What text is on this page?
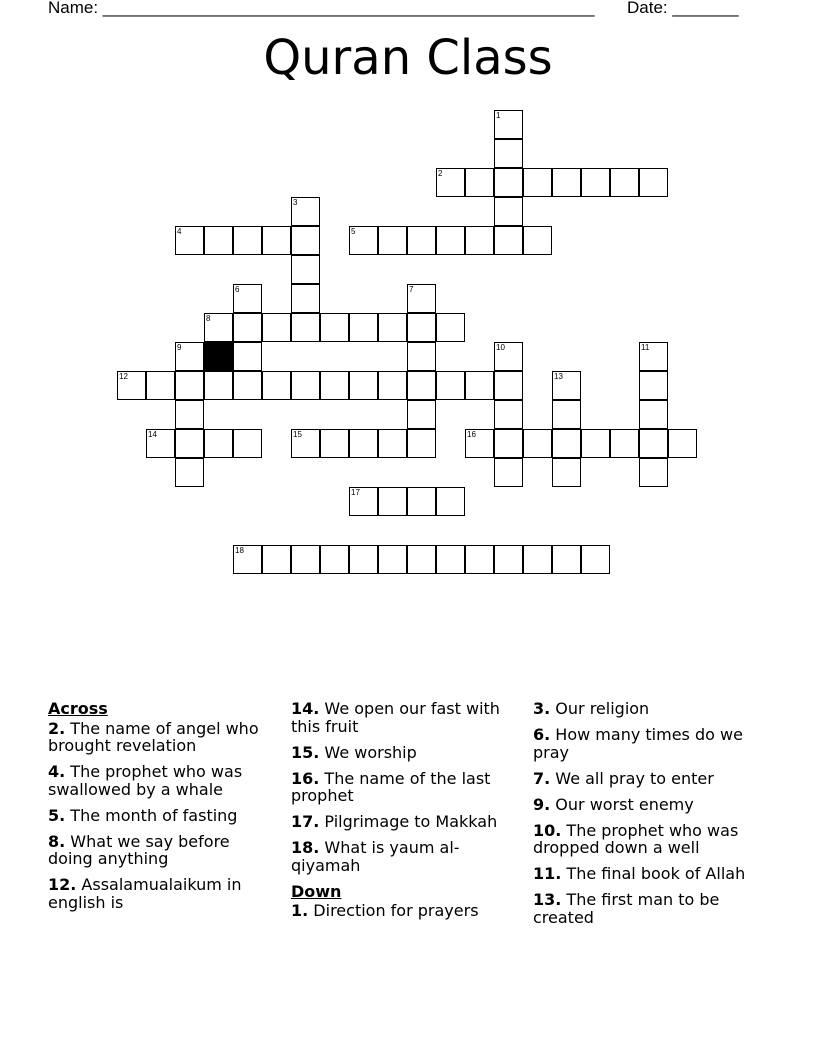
Name: ____________________________________________________ Date: _______
Quran Class
1
2
3
4	5
6	7
8
9	10	11
12	13
14	15	16
17
18
Across
2. The name of angel who brought revelation
4. The prophet who was swallowed by a whale
5. The month of fasting
8. What we say before doing anything
12. Assalamualaikum in english is
14. We open our fast with this fruit
15. We worship
16. The name of the last prophet
17. Pilgrimage to Makkah
18. What is yaum al-qiyamah
Down
1. Direction for prayers
3. Our religion
6. How many times do we pray
7. We all pray to enter
9. Our worst enemy
10. The prophet who was dropped down a well
11. The final book of Allah
13. The first man to be created
